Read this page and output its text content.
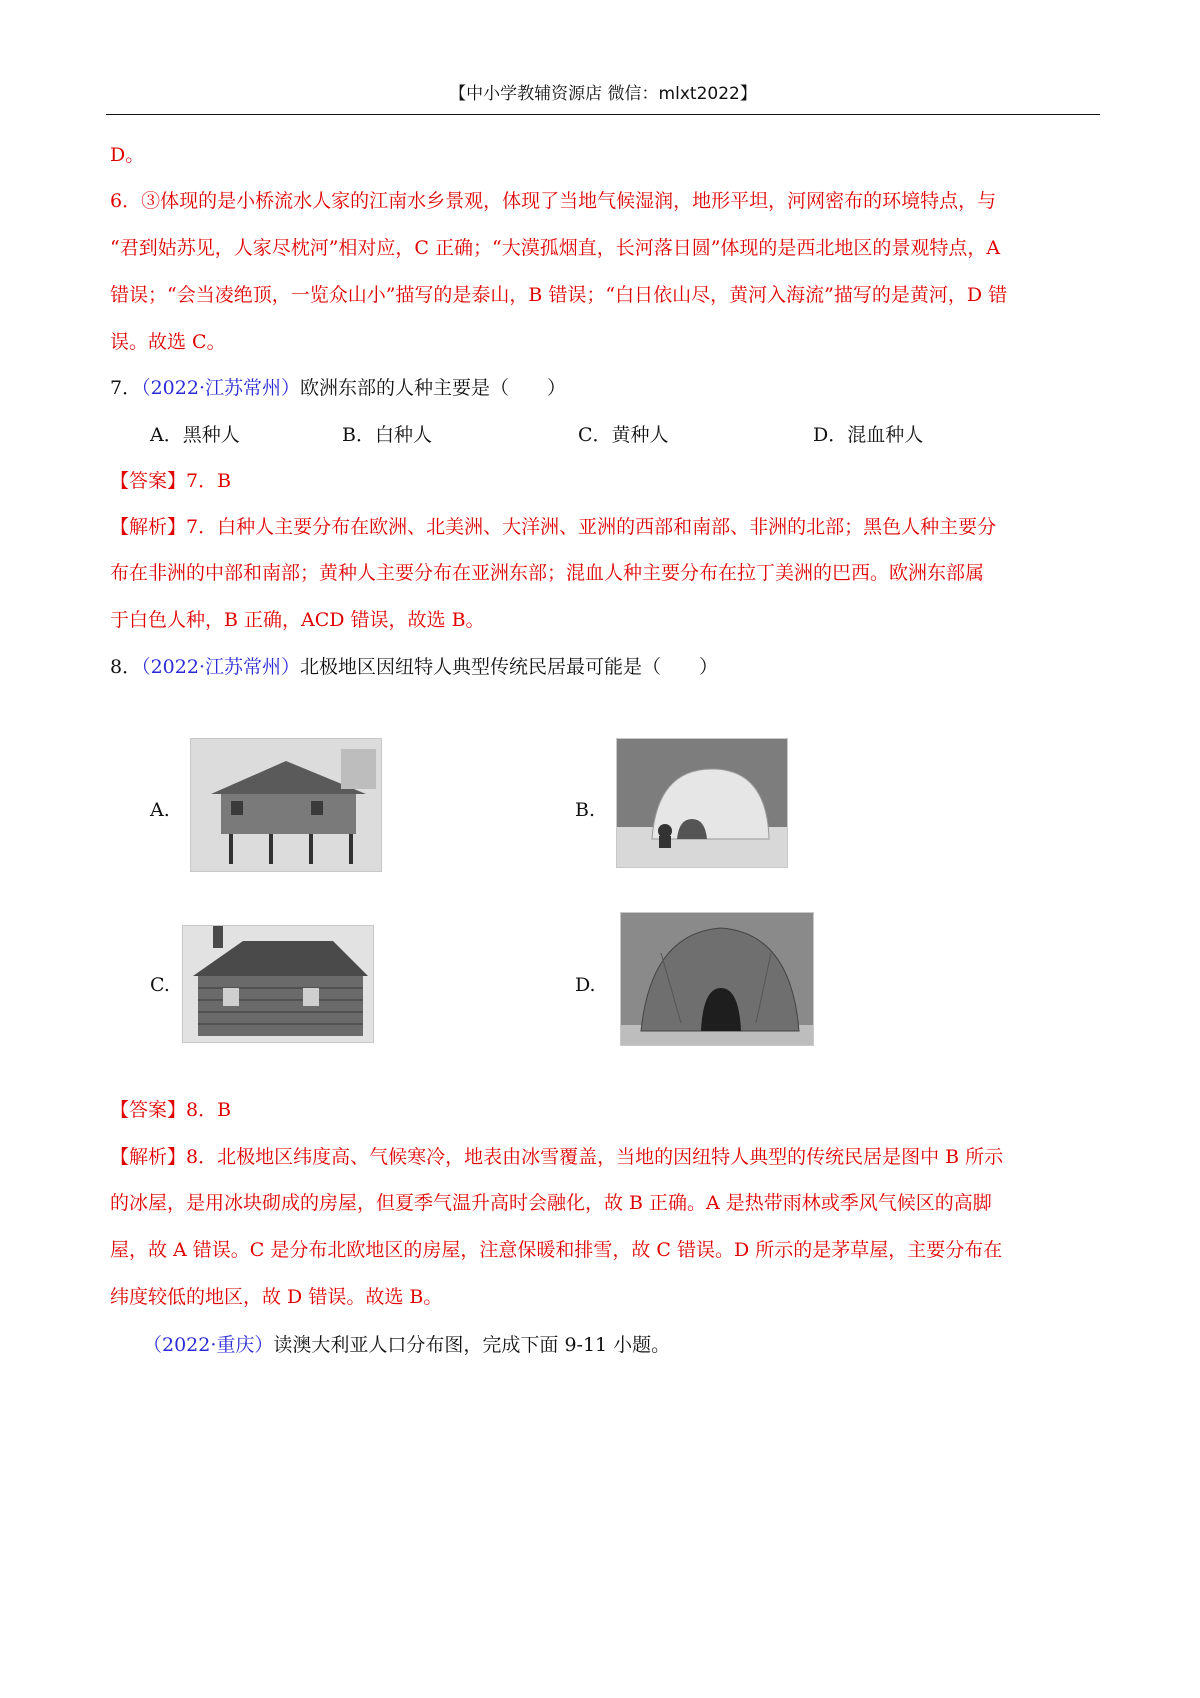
【中小学教辅资源店 微信：mlxt2022】
D。
6．③体现的是小桥流水人家的江南水乡景观，体现了当地气候湿润，地形平坦，河网密布的环境特点，与
“君到姑苏见，人家尽枕河”相对应，C 正确；“大漠孤烟直，长河落日圆”体现的是西北地区的景观特点，A
错误；“会当凌绝顶，一览众山小”描写的是泰山，B 错误；“白日依山尽，黄河入海流”描写的是黄河，D 错
误。故选 C。
7．（2022·江苏常州）欧洲东部的人种主要是（　　）
A．黑种人	B．白种人	C．黄种人	D．混血种人
【答案】7．B
【解析】7．白种人主要分布在欧洲、北美洲、大洋洲、亚洲的西部和南部、非洲的北部；黑色人种主要分
布在非洲的中部和南部；黄种人主要分布在亚洲东部；混血人种主要分布在拉丁美洲的巴西。欧洲东部属
于白色人种，B 正确，ACD 错误，故选 B。
8．（2022·江苏常州）北极地区因纽特人典型传统民居最可能是（　　）
A.	B.
C.	D.
【答案】8．B
【解析】8．北极地区纬度高、气候寒冷，地表由冰雪覆盖，当地的因纽特人典型的传统民居是图中 B 所示
的冰屋，是用冰块砌成的房屋，但夏季气温升高时会融化，故 B 正确。A 是热带雨林或季风气候区的高脚
屋，故 A 错误。C 是分布北欧地区的房屋，注意保暖和排雪，故 C 错误。D 所示的是茅草屋，主要分布在
纬度较低的地区，故 D 错误。故选 B。
（2022·重庆）读澳大利亚人口分布图，完成下面 9-11 小题。
